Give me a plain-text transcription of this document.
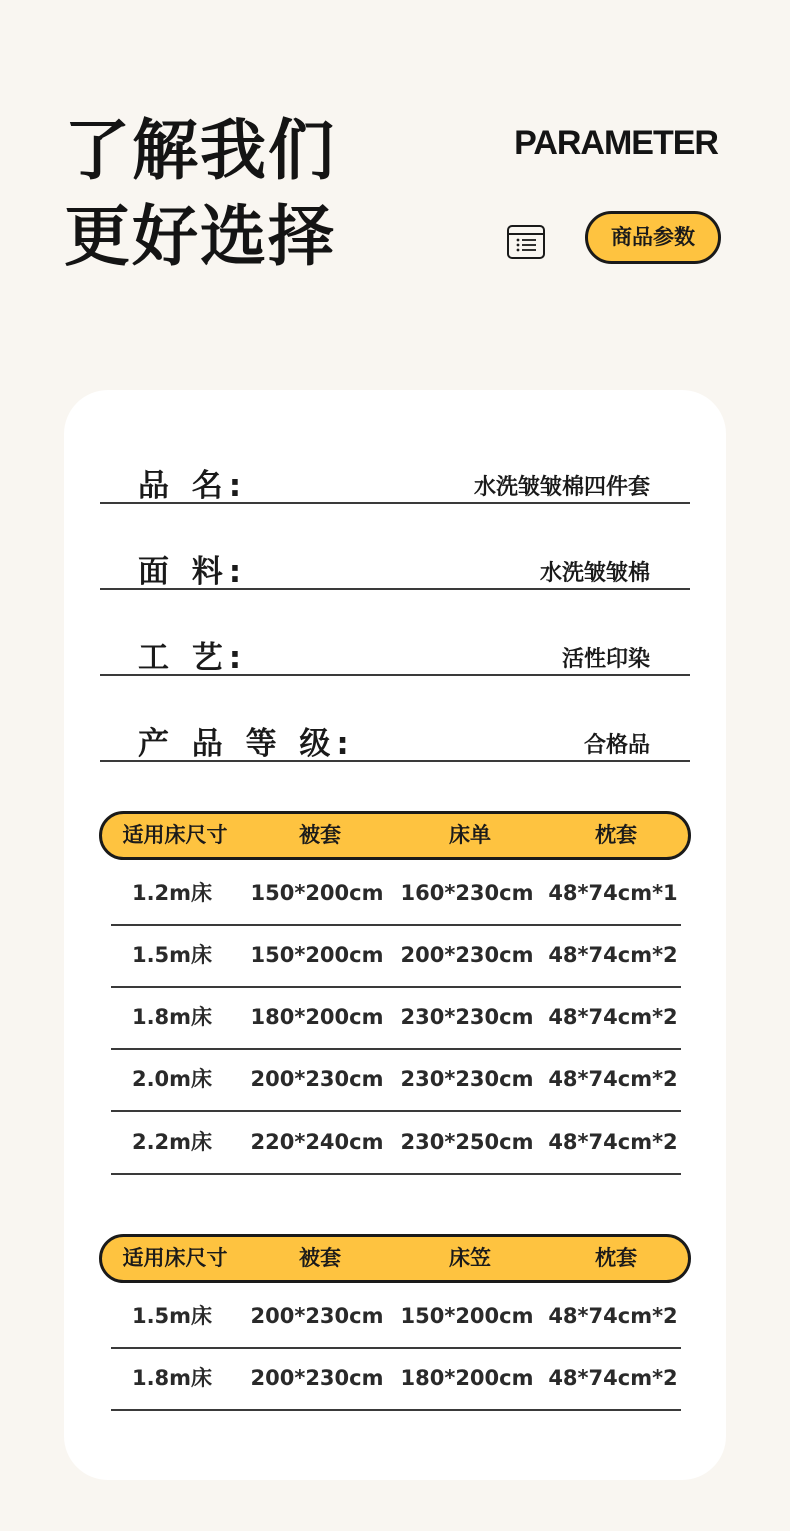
了解我们
更好选择
PARAMETER
商品参数
品 名:	水洗皱皱棉四件套
面 料:	水洗皱皱棉
工 艺:	活性印染
产 品 等 级:	合格品
适用床尺寸	被套	床单	枕套
1.2m床	150*200cm 160*230cm 48*74cm*1
1.5m床	150*200cm 200*230cm 48*74cm*2
1.8m床	180*200cm 230*230cm 48*74cm*2
2.0m床	200*230cm 230*230cm 48*74cm*2
2.2m床	220*240cm 230*250cm 48*74cm*2
适用床尺寸	被套	床笠	枕套
1.5m床	200*230cm 150*200cm 48*74cm*2
1.8m床	200*230cm 180*200cm 48*74cm*2
